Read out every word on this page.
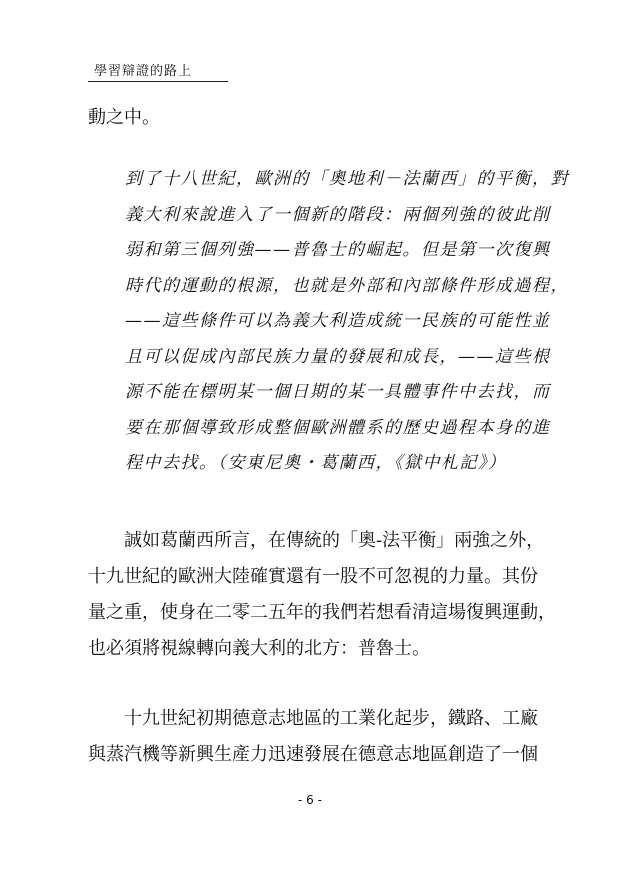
學習辯證的路上
動之中。
到了十八世紀，歐洲的「奧地利－法蘭西」的平衡，對
義大利來說進入了一個新的階段：兩個列強的彼此削
弱和第三個列強——普魯士的崛起。但是第一次復興
時代的運動的根源，也就是外部和內部條件形成過程，
——這些條件可以為義大利造成統一民族的可能性並
且可以促成內部民族力量的發展和成長，——這些根
源不能在標明某一個日期的某一具體事件中去找，而
要在那個導致形成整個歐洲體系的歷史過程本身的進
程中去找。（安東尼奧・葛蘭西，《獄中札記》）
　　誠如葛蘭西所言，在傳統的「奧-法平衡」兩強之外，
十九世紀的歐洲大陸確實還有一股不可忽視的力量。其份
量之重，使身在二零二五年的我們若想看清這場復興運動，
也必須將視線轉向義大利的北方：普魯士。
　　十九世紀初期德意志地區的工業化起步，鐵路、工廠
與蒸汽機等新興生產力迅速發展在德意志地區創造了一個
- 6 -
